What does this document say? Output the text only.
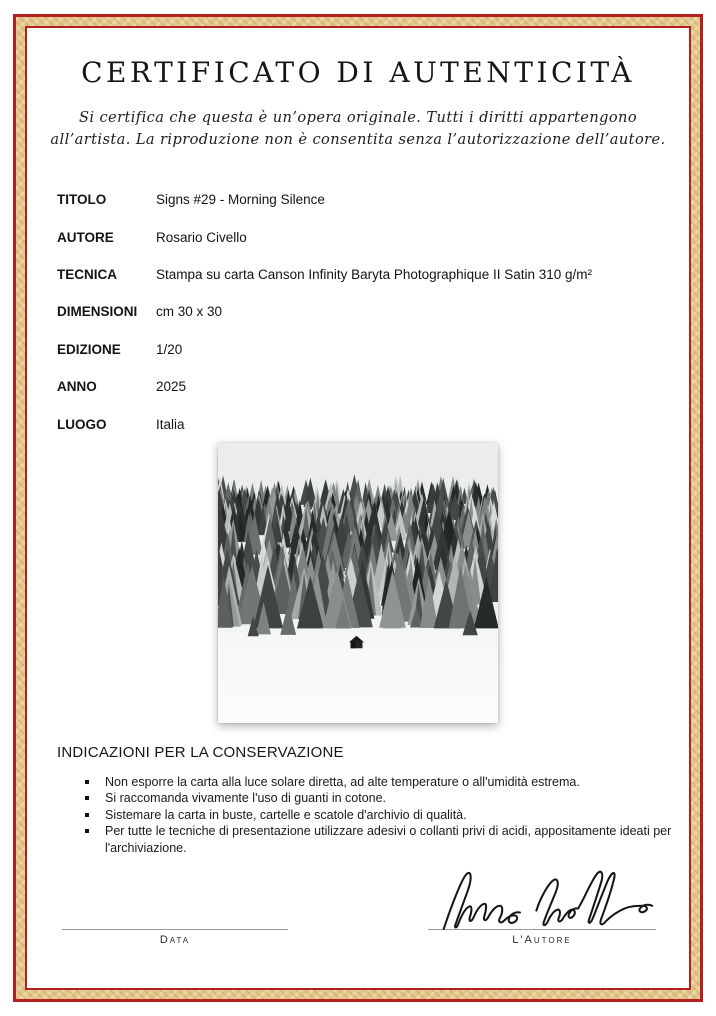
CERTIFICATO DI AUTENTICITÀ
Si certifica che questa è un’opera originale. Tutti i diritti appartengono
all’artista. La riproduzione non è consentita senza l’autorizzazione dell’autore.
TITOLO	Signs #29 - Morning Silence
AUTORE	Rosario Civello
TECNICA	Stampa su carta Canson Infinity Baryta Photographique II Satin 310 g/m²
DIMENSIONI	cm 30 x 30
EDIZIONE	1/20
ANNO	2025
LUOGO	Italia

INDICAZIONI PER LA CONSERVAZIONE

Non esporre la carta alla luce solare diretta, ad alte temperature o all'umidità estrema.
Si raccomanda vivamente l'uso di guanti in cotone.
Sistemare la carta in buste, cartelle e scatole d'archivio di qualità.
Per tutte le tecniche di presentazione utilizzare adesivi o collanti privi di acidi, appositamente ideati per l'archiviazione.
Data	L'Autore
